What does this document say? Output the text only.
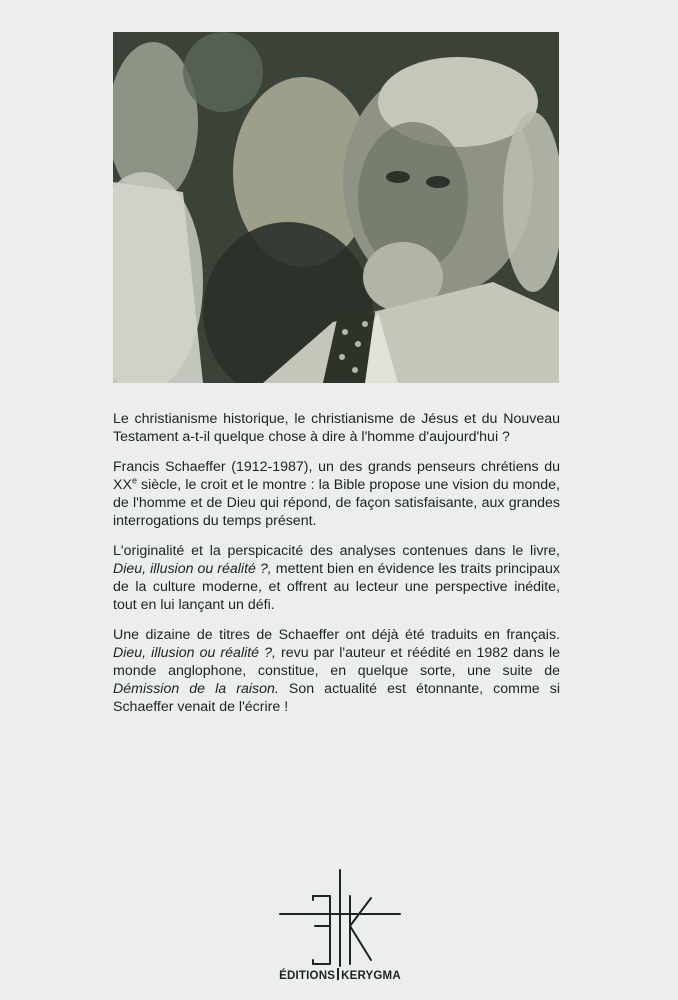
Le christianisme historique, le christianisme de Jésus et du Nouveau Testament a-t-il quelque chose à dire à l'homme d'aujourd'hui ?

Francis Schaeffer (1912-1987), un des grands penseurs chrétiens du XXe siècle, le croit et le montre : la Bible propose une vision du monde, de l'homme et de Dieu qui répond, de façon satisfaisante, aux grandes interrogations du temps présent.

L'originalité et la perspicacité des analyses contenues dans le livre, Dieu, illusion ou réalité ?, mettent bien en évidence les traits principaux de la culture moderne, et offrent au lecteur une perspective inédite, tout en lui lançant un défi.

Une dizaine de titres de Schaeffer ont déjà été traduits en français. Dieu, illusion ou réalité ?, revu par l'auteur et réédité en 1982 dans le monde anglophone, constitue, en quelque sorte, une suite de Démission de la raison. Son actualité est étonnante, comme si Schaeffer venait de l'écrire !

ÉDITIONS KERYGMA
